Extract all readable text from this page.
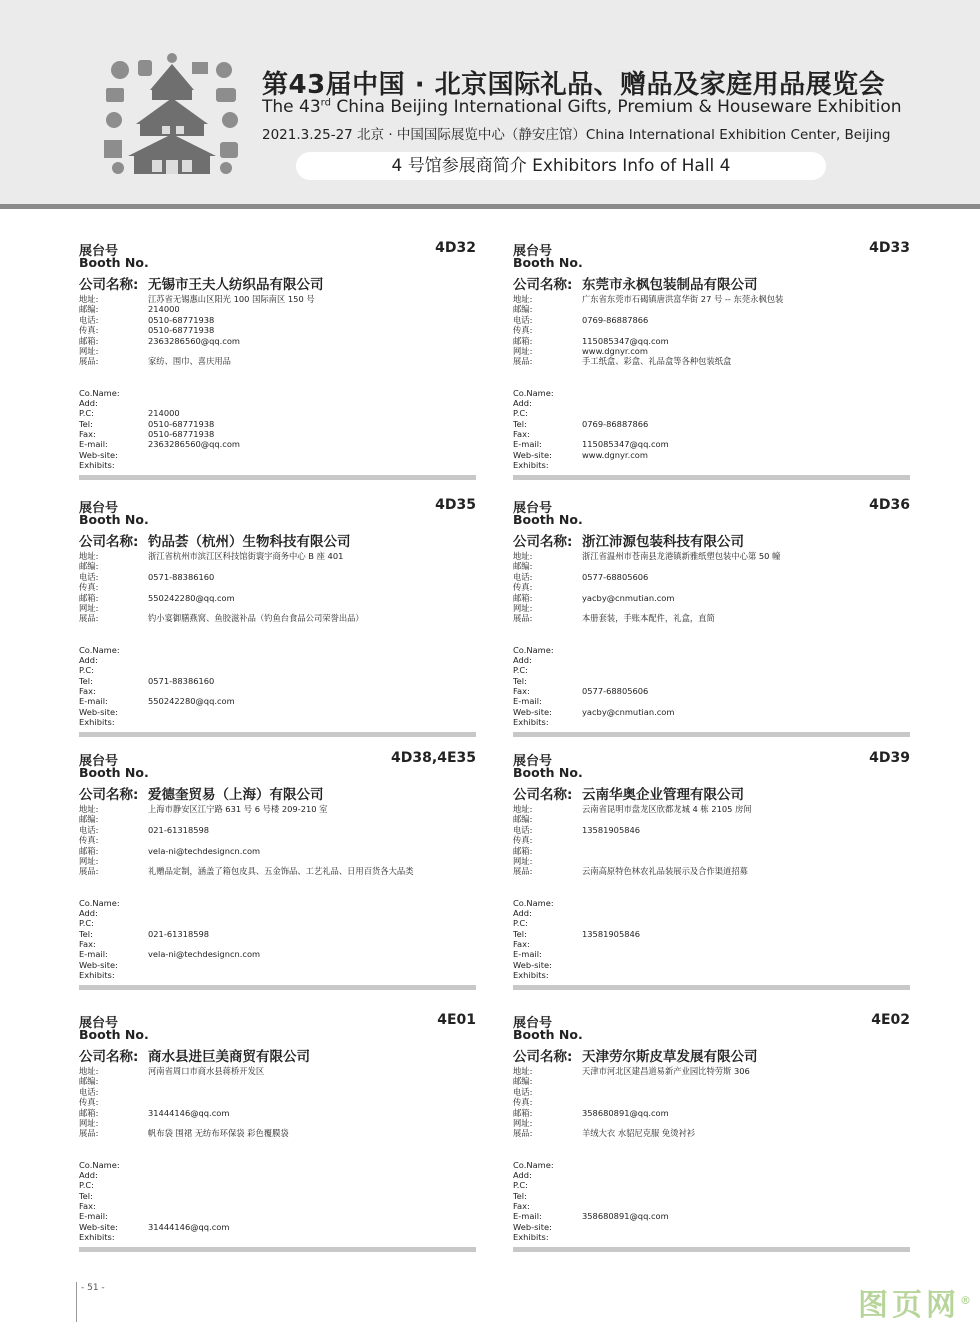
第43届中国 · 北京国际礼品、赠品及家庭用品展览会
The 43rd China Beijing International Gifts, Premium & Houseware Exhibition
2021.3.25-27 北京 · 中国国际展览中心（静安庄馆）China International Exhibition Center, Beijing
4 号馆参展商简介 Exhibitors Info of Hall 4
展台号
Booth No.
4D32
公司名称: 无锡市王夫人纺织品有限公司
地址:	江苏省无锡惠山区阳光 100 国际南区 150 号
邮编:	214000
电话:	0510-68771938
传真:	0510-68771938
邮箱:	2363286560@qq.com
网址:
展品:	家纺、围巾、喜庆用品
Co.Name:
Add:
P.C:	214000
Tel:	0510-68771938
Fax:	0510-68771938
E-mail:	2363286560@qq.com
Web-site:
Exhibits:
展台号
Booth No.
4D33
公司名称: 东莞市永枫包装制品有限公司
地址:	广东省东莞市石碣镇唐洪富华街 27 号 -- 东莞永枫包装
邮编:
电话:	0769-86887866
传真:
邮箱:	115085347@qq.com
网址:	www.dgnyr.com
展品:	手工纸盒、彩盒、礼品盒等各种包装纸盒
Co.Name:
Add:
P.C:
Tel:	0769-86887866
Fax:
E-mail:	115085347@qq.com
Web-site:	www.dgnyr.com
Exhibits:
展台号
Booth No.
4D35
公司名称: 钓品荟（杭州）生物科技有限公司
地址:	浙江省杭州市滨江区科技馆街寰宇商务中心 B 座 401
邮编:
电话:	0571-88386160
传真:
邮箱:	550242280@qq.com
网址:
展品:	钓小宴御膳燕窝、鱼胶滋补品（钓鱼台食品公司荣誉出品）
Co.Name:
Add:
P.C:
Tel:	0571-88386160
Fax:
E-mail:	550242280@qq.com
Web-site:
Exhibits:
展台号
Booth No.
4D36
公司名称: 浙江沛源包装科技有限公司
地址:	浙江省温州市苍南县龙港镇新雅纸塑包装中心第 50 幢
邮编:
电话:	0577-68805606
传真:
邮箱:	yacby@cnmutian.com
网址:
展品:	本册套装，手账本配件，礼盒，直简
Co.Name:
Add:
P.C:
Tel:
Fax:	0577-68805606
E-mail:
Web-site:	yacby@cnmutian.com
Exhibits:
展台号
Booth No.
4D38,4E35
公司名称: 爱德奎贸易（上海）有限公司
地址:	上海市静安区江宁路 631 号 6 号楼 209-210 室
邮编:
电话:	021-61318598
传真:
邮箱:	vela-ni@techdesigncn.com
网址:
展品:	礼赠品定制，涵盖了箱包皮具、五金饰品、工艺礼品、日用百货各大品类
Co.Name:
Add:
P.C:
Tel:	021-61318598
Fax:
E-mail:	vela-ni@techdesigncn.com
Web-site:
Exhibits:
展台号
Booth No.
4D39
公司名称: 云南华奥企业管理有限公司
地址:	云南省昆明市盘龙区欣都龙城 4 栋 2105 房间
邮编:
电话:	13581905846
传真:
邮箱:
网址:
展品:	云南高原特色林农礼品装展示及合作渠道招募
Co.Name:
Add:
P.C:
Tel:	13581905846
Fax:
E-mail:
Web-site:
Exhibits:
展台号
Booth No.
4E01
公司名称: 商水县进巨美商贸有限公司
地址:	河南省周口市商水县蒋桥开发区
邮编:
电话:
传真:
邮箱:	31444146@qq.com
网址:
展品:	帆布袋 围裙 无纺布环保袋 彩色覆膜袋
Co.Name:
Add:
P.C:
Tel:
Fax:
E-mail:
Web-site:	31444146@qq.com
Exhibits:
展台号
Booth No.
4E02
公司名称: 天津劳尔斯皮草发展有限公司
地址:	天津市河北区建昌道易新产业园比特劳斯 306
邮编:
电话:
传真:
邮箱:	358680891@qq.com
网址:
展品:	羊绒大衣 水貂尼克服 免烫衬衫
Co.Name:
Add:
P.C:
Tel:
Fax:
E-mail:	358680891@qq.com
Web-site:
Exhibits:
- 51 -	图页网®
